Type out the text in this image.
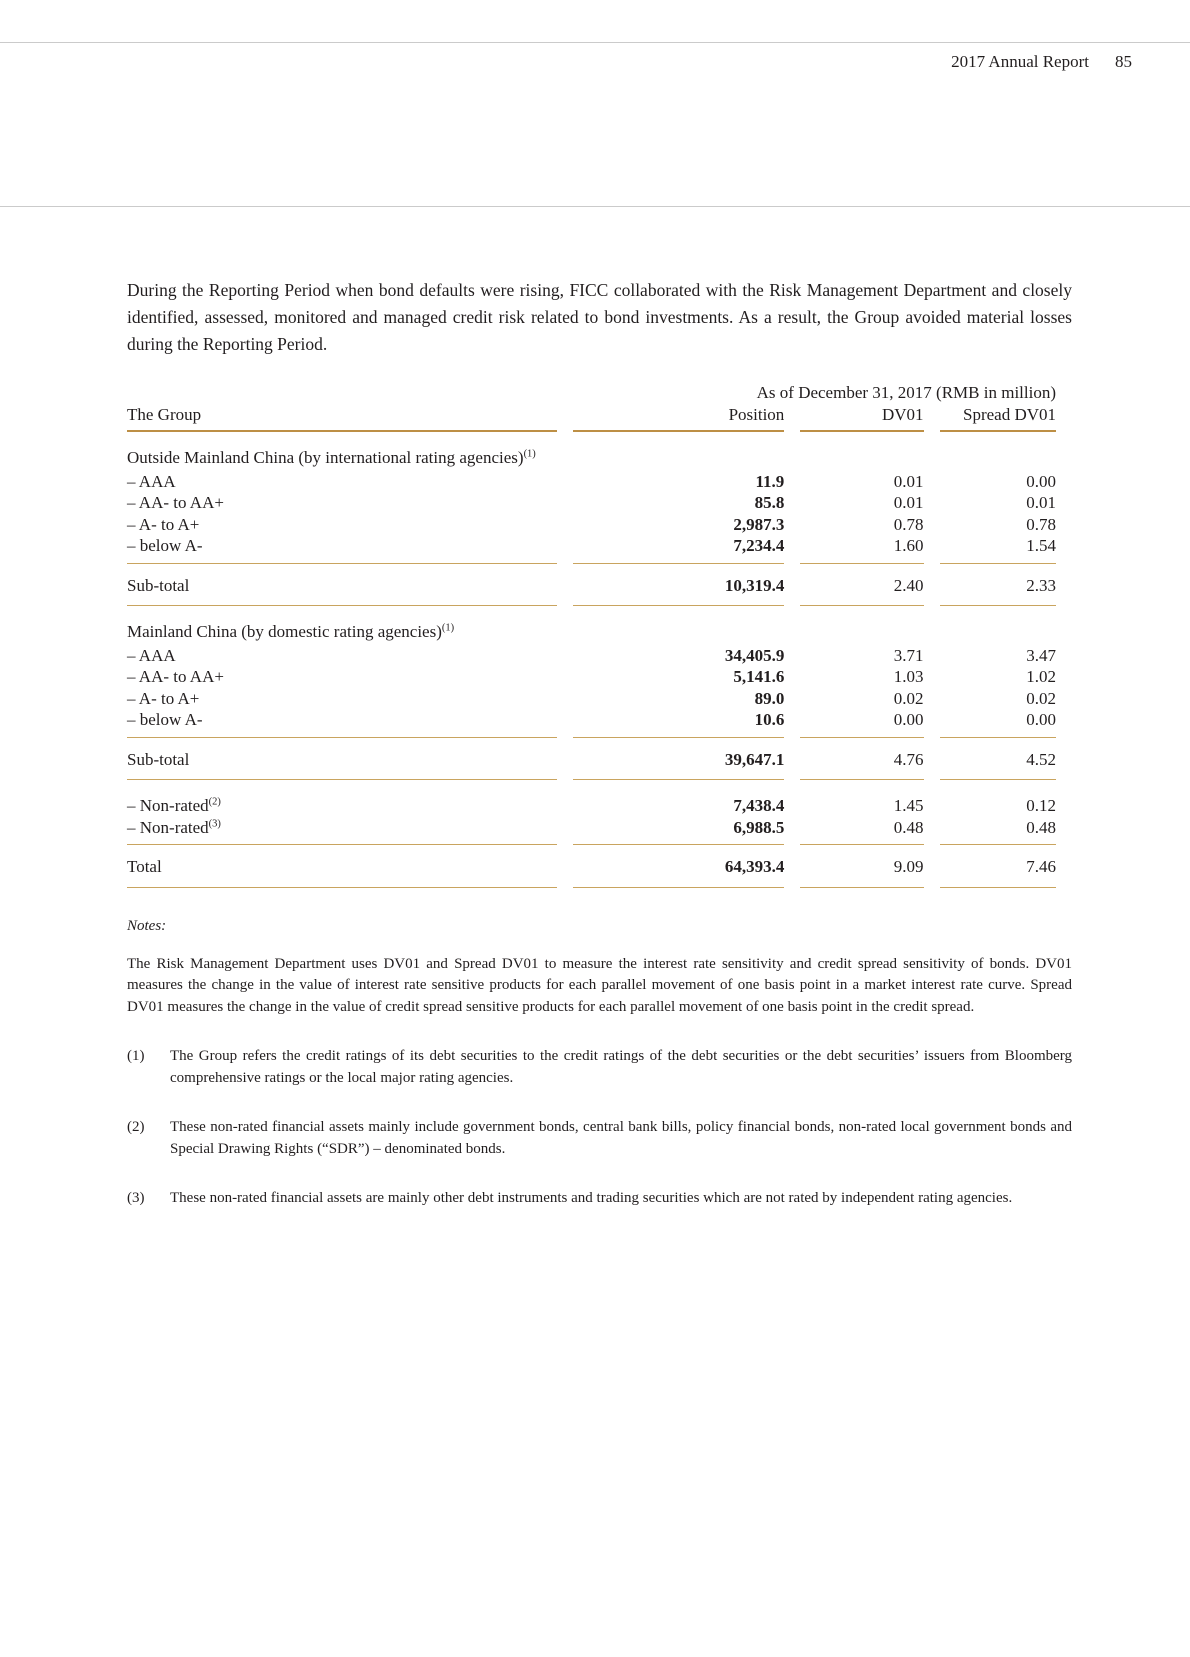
2017 Annual Report 85

During the Reporting Period when bond defaults were rising, FICC collaborated with the Risk Management Department and closely identified, assessed, monitored and managed credit risk related to bond investments. As a result, the Group avoided material losses during the Reporting Period.

	As of December 31, 2017 (RMB in million)		
The Group	Position	DV01	Spread DV01
Outside Mainland China (by international rating agencies)$^{(1)}$
– AAA	11.9	0.01	0.00
– AA- to AA+	85.8	0.01	0.01
– A- to A+	2,987.3	0.78	0.78
– below A-	7,234.4	1.60	1.54
Sub-total	10,319.4	2.40	2.33
Mainland China (by domestic rating agencies)$^{(1)}$
– AAA	34,405.9	3.71	3.47
– AA- to AA+	5,141.6	1.03	1.02
– A- to A+	89.0	0.02	0.02
– below A-	10.6	0.00	0.00
Sub-total	39,647.1	4.76	4.52
– Non-rated$^{(2)}$	7,438.4	1.45	0.12
– Non-rated$^{(3)}$	6,988.5	0.48	0.48
Total	64,393.4	9.09	7.46

Notes:

The Risk Management Department uses DV01 and Spread DV01 to measure the interest rate sensitivity and credit spread sensitivity of bonds. DV01 measures the change in the value of interest rate sensitive products for each parallel movement of one basis point in a market interest rate curve. Spread DV01 measures the change in the value of credit spread sensitive products for each parallel movement of one basis point in the credit spread.

(1)	The Group refers the credit ratings of its debt securities to the credit ratings of the debt securities or the debt securities’ issuers from Bloomberg comprehensive ratings or the local major rating agencies.

(2)	These non-rated financial assets mainly include government bonds, central bank bills, policy financial bonds, non-rated local government bonds and Special Drawing Rights (“SDR”) – denominated bonds.

(3)	These non-rated financial assets are mainly other debt instruments and trading securities which are not rated by independent rating agencies.
